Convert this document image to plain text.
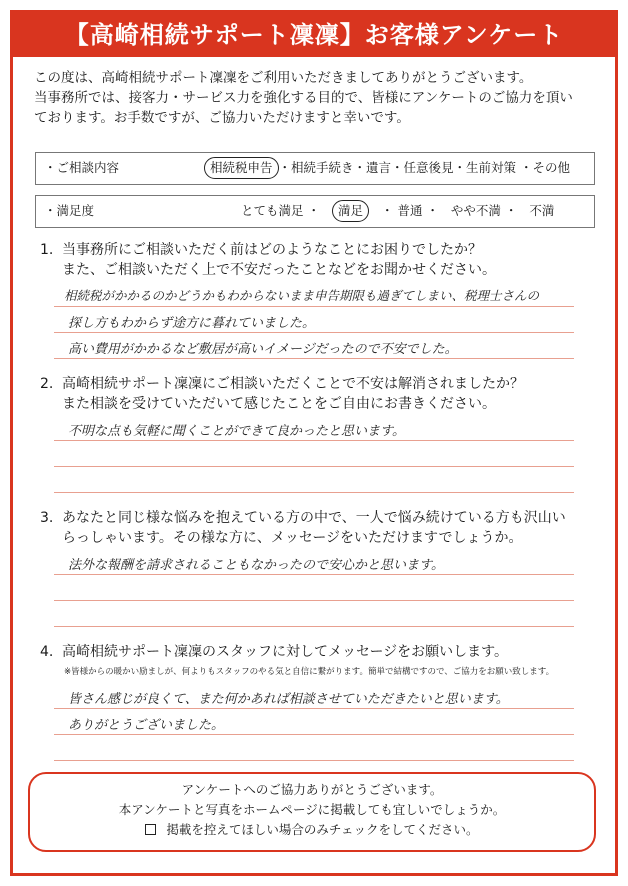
【高崎相続サポート凜凜】お客様アンケート
この度は、高崎相続サポート凜凜をご利用いただきましてありがとうございます。
当事務所では、接客力・サービス力を強化する目的で、皆様にアンケートのご協力を頂い
ております。お手数ですが、ご協力いただけますと幸いです。
・ご相談内容	相続税申告 ・相続手続き・遺言・任意後見・生前対策 ・その他
・満足度	とても満足 ・ 満足 ・ 普通 ・ やや不満 ・ 不満
1. 当事務所にご相談いただく前はどのようなことにお困りでしたか？
また、ご相談いただく上で不安だったことなどをお聞かせください。
相続税がかかるのかどうかもわからないまま申告期限も過ぎてしまい、税理士さんの
探し方もわからず途方に暮れていました。
高い費用がかかるなど敷居が高いイメージだったので不安でした。
2. 高崎相続サポート凜凜にご相談いただくことで不安は解消されましたか？
また相談を受けていただいて感じたことをご自由にお書きください。
不明な点も気軽に聞くことができて良かったと思います。
3. あなたと同じ様な悩みを抱えている方の中で、一人で悩み続けている方も沢山い
らっしゃいます。その様な方に、メッセージをいただけますでしょうか。
法外な報酬を請求されることもなかったので安心かと思います。
4. 高崎相続サポート凜凜のスタッフに対してメッセージをお願いします。
※皆様からの暖かい励ましが、何よりもスタッフのやる気と自信に繋がります。簡単で結構ですので、ご協力をお願い致します。
皆さん感じが良くて、また何かあれば相談させていただきたいと思います。
ありがとうございました。
アンケートへのご協力ありがとうございます。
本アンケートと写真をホームページに掲載しても宜しいでしょうか。
掲載を控えてほしい場合のみチェックをしてください。
